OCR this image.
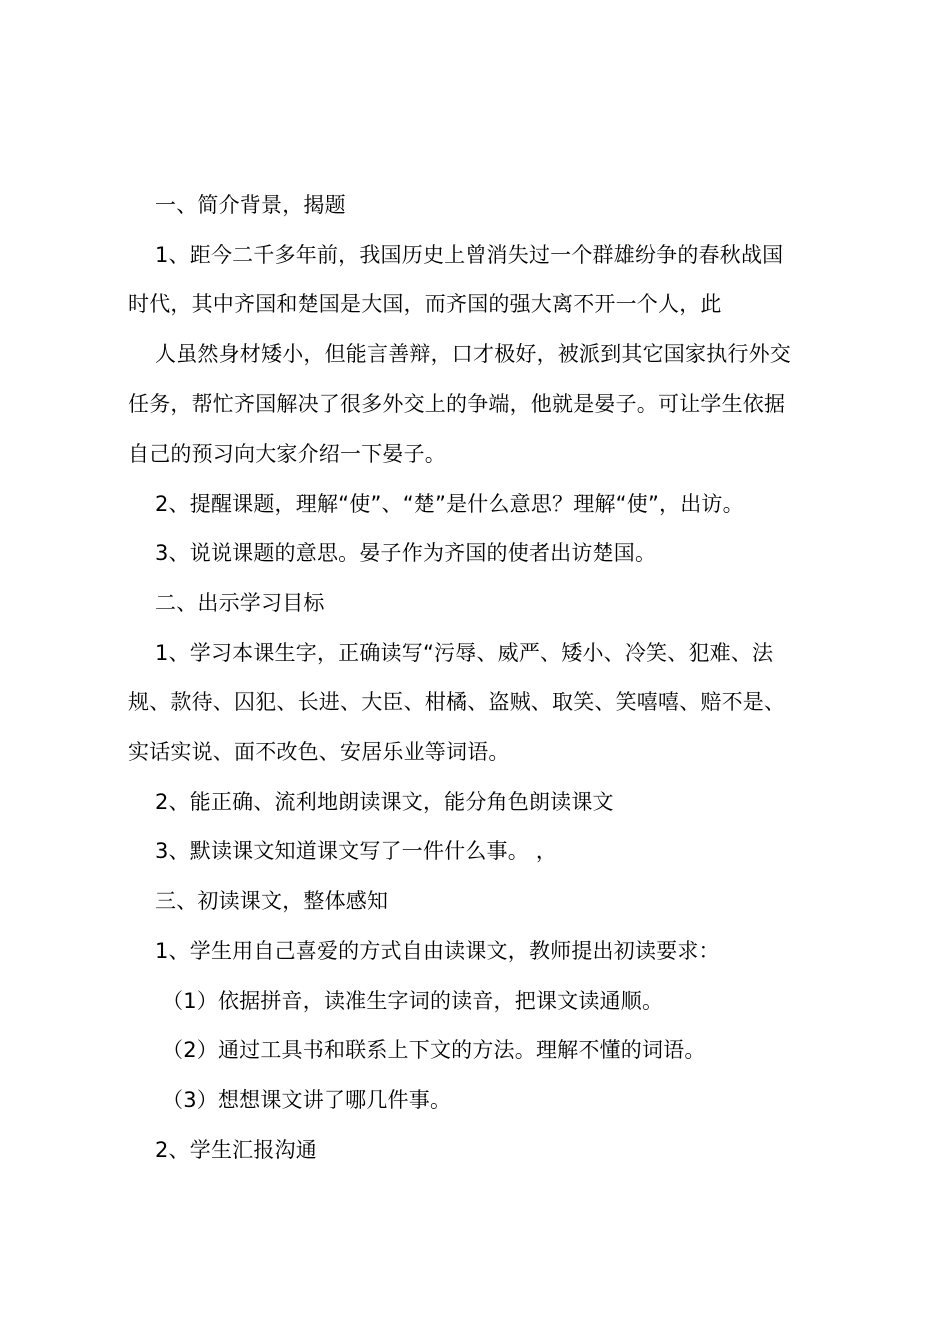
一、简介背景，揭题
1、距今二千多年前，我国历史上曾消失过一个群雄纷争的春秋战国
时代，其中齐国和楚国是大国，而齐国的强大离不开一个人，此
人虽然身材矮小，但能言善辩，口才极好，被派到其它国家执行外交
任务，帮忙齐国解决了很多外交上的争端，他就是晏子。可让学生依据
自己的预习向大家介绍一下晏子。
2、提醒课题，理解“使”、“楚”是什么意思？理解“使”，出访。
3、说说课题的意思。晏子作为齐国的使者出访楚国。
二、出示学习目标
1、学习本课生字，正确读写“污辱、威严、矮小、冷笑、犯难、法
规、款待、囚犯、长进、大臣、柑橘、盗贼、取笑、笑嘻嘻、赔不是、
实话实说、面不改色、安居乐业等词语。
2、能正确、流利地朗读课文，能分角色朗读课文
3、默读课文知道课文写了一件什么事。 ，
三、初读课文，整体感知
1、学生用自己喜爱的方式自由读课文，教师提出初读要求：
（1）依据拼音，读准生字词的读音，把课文读通顺。
（2）通过工具书和联系上下文的方法。理解不懂的词语。
（3）想想课文讲了哪几件事。
2、学生汇报沟通
